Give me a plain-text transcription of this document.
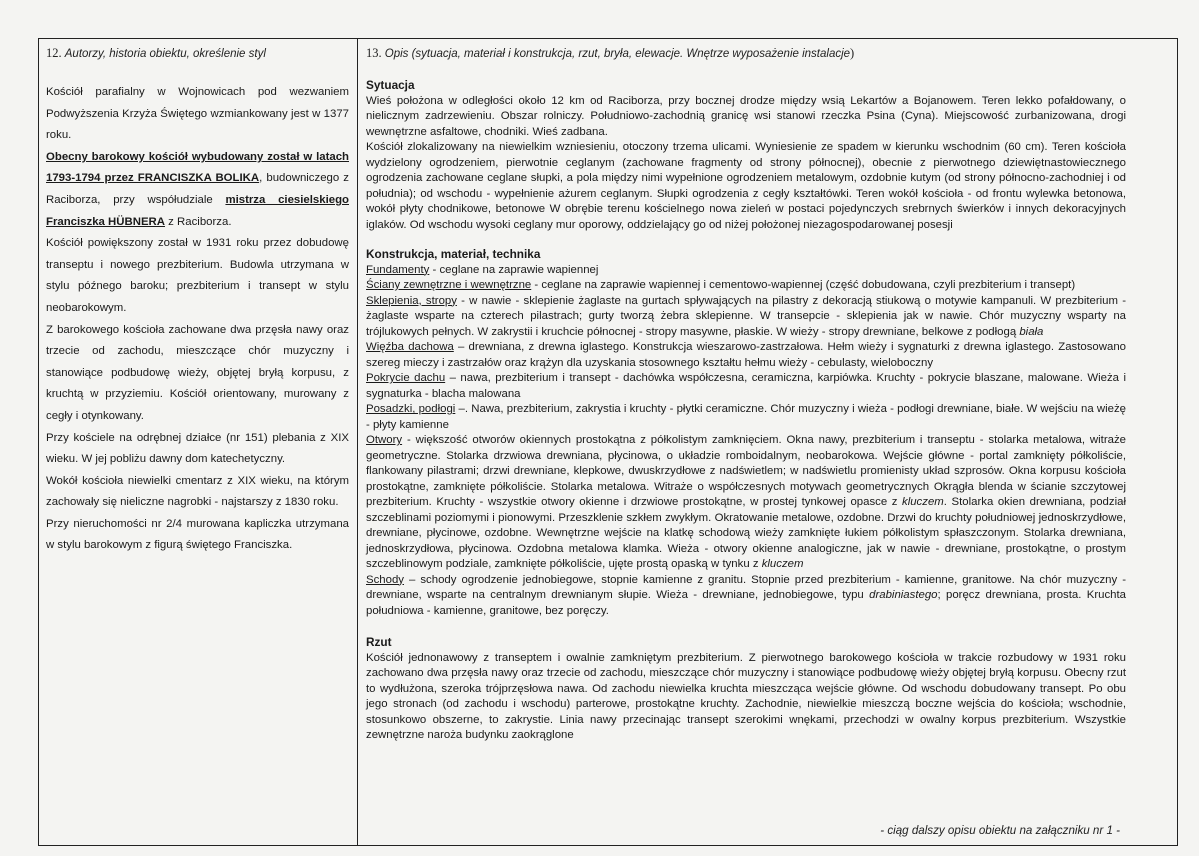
12. Autorzy, historia obiektu, określenie styl

Kościół parafialny w Wojnowicach pod wezwaniem Podwyższenia Krzyża Świętego wzmiankowany jest w 1377 roku.

Obecny barokowy kościół wybudowany został w latach 1793-1794 przez FRANCISZKA BOLIKA, budowniczego z Raciborza, przy współudziale mistrza ciesielskiego Franciszka HÜBNERA z Raciborza.

Kościół powiększony został w 1931 roku przez dobudowę transeptu i nowego prezbiterium. Budowla utrzymana w stylu późnego baroku; prezbiterium i transept w stylu neobarokowym.

Z barokowego kościoła zachowane dwa przęsła nawy oraz trzecie od zachodu, mieszczące chór muzyczny i stanowiące podbudowę wieży, objętej bryłą korpusu, z kruchtą w przyziemiu. Kościół orientowany, murowany z cegły i otynkowany.

Przy kościele na odrębnej działce (nr 151) plebania z XIX wieku. W jej pobliżu dawny dom katechetyczny.

Wokół kościoła niewielki cmentarz z XIX wieku, na którym zachowały się nieliczne nagrobki - najstarszy z 1830 roku.

Przy nieruchomości nr 2/4 murowana kapliczka utrzymana w stylu barokowym z figurą świętego Franciszka.

13. Opis (sytuacja, materiał i konstrukcja, rzut, bryła, elewacje. Wnętrze wyposażenie instalacje)

Sytuacja

Wieś położona w odległości około 12 km od Raciborza, przy bocznej drodze między wsią Lekartów a Bojanowem. Teren lekko pofałdowany, o nielicznym zadrzewieniu. Obszar rolniczy. Południowo-zachodnią granicę wsi stanowi rzeczka Psina (Cyna). Miejscowość zurbanizowana, drogi wewnętrzne asfaltowe, chodniki. Wieś zadbana.

Kościół zlokalizowany na niewielkim wzniesieniu, otoczony trzema ulicami. Wyniesienie ze spadem w kierunku wschodnim (60 cm). Teren kościoła wydzielony ogrodzeniem, pierwotnie ceglanym (zachowane fragmenty od strony północnej), obecnie z pierwotnego dziewiętnastowiecznego ogrodzenia zachowane ceglane słupki, a pola między nimi wypełnione ogrodzeniem metalowym, ozdobnie kutym (od strony północno-zachodniej i od południa); od wschodu - wypełnienie ażurem ceglanym. Słupki ogrodzenia z cegły kształtówki. Teren wokół kościoła - od frontu wylewka betonowa, wokół płyty chodnikowe, betonowe W obrębie terenu kościelnego nowa zieleń w postaci pojedynczych srebrnych świerków i innych dekoracyjnych iglaków. Od wschodu wysoki ceglany mur oporowy, oddzielający go od niżej położonej niezagospodarowanej posesji

Konstrukcja, materiał, technika

Fundamenty - ceglane na zaprawie wapiennej

Ściany zewnętrzne i wewnętrzne - ceglane na zaprawie wapiennej i cementowo-wapiennej (część dobudowana, czyli prezbiterium i transept)

Sklepienia, stropy - w nawie - sklepienie żaglaste na gurtach spływających na pilastry z dekoracją stiukową o motywie kampanuli. W prezbiterium - żaglaste wsparte na czterech pilastrach; gurty tworzą żebra sklepienne. W transepcie - sklepienia jak w nawie. Chór muzyczny wsparty na trójlukowych pełnych. W zakrystii i kruchcie północnej - stropy masywne, płaskie. W wieży - stropy drewniane, belkowe z podłogą biała

Więźba dachowa – drewniana, z drewna iglastego. Konstrukcja wieszarowo-zastrzałowa. Hełm wieży i sygnaturki z drewna iglastego. Zastosowano szereg mieczy i zastrzałów oraz krążyn dla uzyskania stosownego kształtu hełmu wieży - cebulasty, wieloboczny

Pokrycie dachu – nawa, prezbiterium i transept - dachówka współczesna, ceramiczna, karpiówka. Kruchty - pokrycie blaszane, malowane. Wieża i sygnaturka - blacha malowana

Posadzki, podłogi –. Nawa, prezbiterium, zakrystia i kruchty - płytki ceramiczne. Chór muzyczny i wieża - podłogi drewniane, białe. W wejściu na wieżę - płyty kamienne

Otwory - większość otworów okiennych prostokątna z półkolistym zamknięciem. Okna nawy, prezbiterium i transeptu - stolarka metalowa, witraże geometryczne. Stolarka drzwiowa drewniana, płycinowa, o układzie romboidalnym, neobarokowa. Wejście główne - portal zamknięty półkoliście, flankowany pilastrami; drzwi drewniane, klepkowe, dwuskrzydłowe z nadświetlem; w nadświetlu promienisty układ szprosów. Okna korpusu kościoła prostokątne, zamknięte półkoliście. Stolarka metalowa. Witraże o współczesnych motywach geometrycznych Okrągła blenda w ścianie szczytowej prezbiterium. Kruchty - wszystkie otwory okienne i drzwiowe prostokątne, w prostej tynkowej opasce z kluczem. Stolarka okien drewniana, podział szczeblinami poziomymi i pionowymi. Przeszklenie szkłem zwykłym. Okratowanie metalowe, ozdobne. Drzwi do kruchty południowej jednoskrzydłowe, drewniane, płycinowe, ozdobne. Wewnętrzne wejście na klatkę schodową wieży zamknięte łukiem półkolistym spłaszczonym. Stolarka drewniana, jednoskrzydłowa, płycinowa. Ozdobna metalowa klamka. Wieża - otwory okienne analogiczne, jak w nawie - drewniane, prostokątne, o prostym szczeblinowym podziale, zamknięte półkoliście, ujęte prostą opaską w tynku z kluczem

Schody – schody ogrodzenie jednobiegowe, stopnie kamienne z granitu. Stopnie przed prezbiterium - kamienne, granitowe. Na chór muzyczny - drewniane, wsparte na centralnym drewnianym słupie. Wieża - drewniane, jednobiegowe, typu drabiniastego; poręcz drewniana, prosta. Kruchta południowa - kamienne, granitowe, bez poręczy.

Rzut

Kościół jednonawowy z transeptem i owalnie zamkniętym prezbiterium. Z pierwotnego barokowego kościoła w trakcie rozbudowy w 1931 roku zachowano dwa przęsła nawy oraz trzecie od zachodu, mieszczące chór muzyczny i stanowiące podbudowę wieży objętej bryłą korpusu. Obecny rzut to wydłużona, szeroka trójprzęsłowa nawa. Od zachodu niewielka kruchta mieszcząca wejście główne. Od wschodu dobudowany transept. Po obu jego stronach (od zachodu i wschodu) parterowe, prostokątne kruchty. Zachodnie, niewielkie mieszczą boczne wejścia do kościoła; wschodnie, stosunkowo obszerne, to zakrystie. Linia nawy przecinając transept szerokimi wnękami, przechodzi w owalny korpus prezbiterium. Wszystkie zewnętrzne naroża budynku zaokrąglone

- ciąg dalszy opisu obiektu na załączniku nr 1 -
